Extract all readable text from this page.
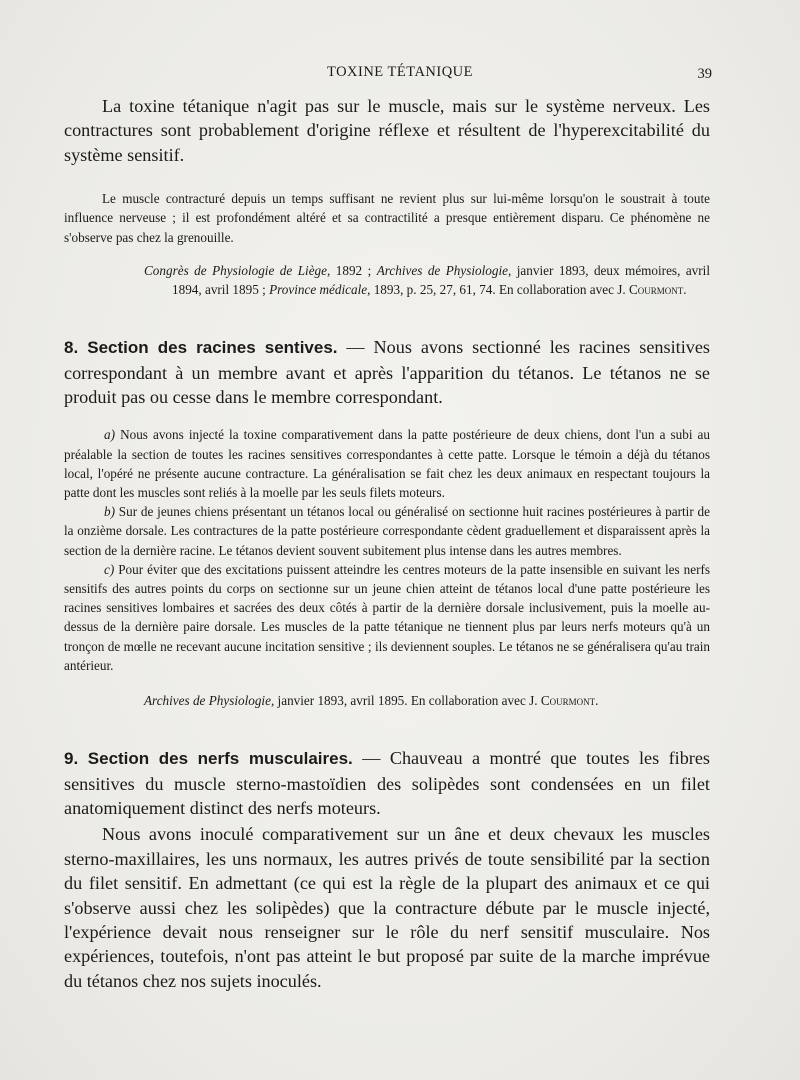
TOXINE TÉTANIQUE	39

La toxine tétanique n'agit pas sur le muscle, mais sur le système nerveux. Les contractures sont probablement d'origine réflexe et résultent de l'hyperexcitabilité du système sensitif.

Le muscle contracturé depuis un temps suffisant ne revient plus sur lui-même lorsqu'on le soustrait à toute influence nerveuse ; il est profondément altéré et sa contractilité a presque entièrement disparu. Ce phénomène ne s'observe pas chez la grenouille.

Congrès de Physiologie de Liège, 1892 ; Archives de Physiologie, janvier 1893, deux mémoires, avril 1894, avril 1895 ; Province médicale, 1893, p. 25, 27, 61, 74. En collaboration avec J. Courmont.

8. Section des racines sentives. — Nous avons sectionné les racines sensitives correspondant à un membre avant et après l'apparition du tétanos. Le tétanos ne se produit pas ou cesse dans le membre correspondant.

a) Nous avons injecté la toxine comparativement dans la patte postérieure de deux chiens, dont l'un a subi au préalable la section de toutes les racines sensitives correspondantes à cette patte. Lorsque le témoin a déjà du tétanos local, l'opéré ne présente aucune contracture. La généralisation se fait chez les deux animaux en respectant toujours la patte dont les muscles sont reliés à la moelle par les seuls filets moteurs.

b) Sur de jeunes chiens présentant un tétanos local ou généralisé on sectionne huit racines postérieures à partir de la onzième dorsale. Les contractures de la patte postérieure correspondante cèdent graduellement et disparaissent après la section de la dernière racine. Le tétanos devient souvent subitement plus intense dans les autres membres.

c) Pour éviter que des excitations puissent atteindre les centres moteurs de la patte insensible en suivant les nerfs sensitifs des autres points du corps on sectionne sur un jeune chien atteint de tétanos local d'une patte postérieure les racines sensitives lombaires et sacrées des deux côtés à partir de la dernière dorsale inclusivement, puis la moelle au-dessus de la dernière paire dorsale. Les muscles de la patte tétanique ne tiennent plus par leurs nerfs moteurs qu'à un tronçon de mœlle ne recevant aucune incitation sensitive ; ils deviennent souples. Le tétanos ne se généralisera qu'au train antérieur.

Archives de Physiologie, janvier 1893, avril 1895. En collaboration avec J. Courmont.

9. Section des nerfs musculaires. — Chauveau a montré que toutes les fibres sensitives du muscle sterno-mastoïdien des solipèdes sont condensées en un filet anatomiquement distinct des nerfs moteurs.

Nous avons inoculé comparativement sur un âne et deux chevaux les muscles sterno-maxillaires, les uns normaux, les autres privés de toute sensibilité par la section du filet sensitif. En admettant (ce qui est la règle de la plupart des animaux et ce qui s'observe aussi chez les solipèdes) que la contracture débute par le muscle injecté, l'expérience devait nous renseigner sur le rôle du nerf sensitif musculaire. Nos expériences, toutefois, n'ont pas atteint le but proposé par suite de la marche imprévue du tétanos chez nos sujets inoculés.
